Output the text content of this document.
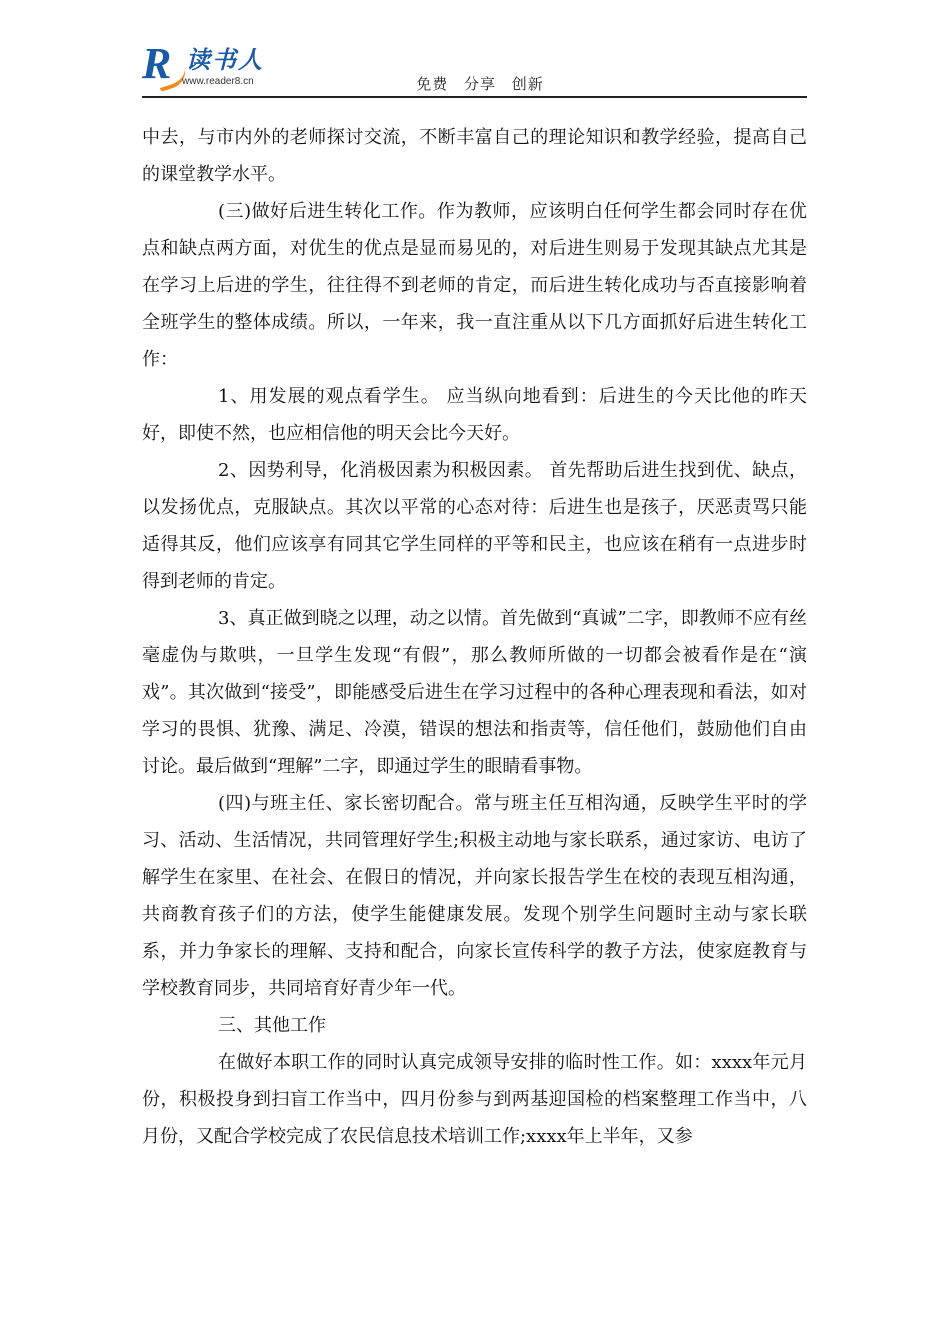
R 读书人
www.reader8.cn	免费 分享 创新

中去，与市内外的老师探讨交流，不断丰富自己的理论知识和教学经验，提高自己的课堂教学水平。

(三)做好后进生转化工作。作为教师，应该明白任何学生都会同时存在优点和缺点两方面，对优生的优点是显而易见的，对后进生则易于发现其缺点尤其是在学习上后进的学生，往往得不到老师的肯定，而后进生转化成功与否直接影响着全班学生的整体成绩。所以，一年来，我一直注重从以下几方面抓好后进生转化工作：

1、用发展的观点看学生。 应当纵向地看到：后进生的今天比他的昨天好，即使不然，也应相信他的明天会比今天好。

2、因势利导，化消极因素为积极因素。 首先帮助后进生找到优、缺点，以发扬优点，克服缺点。其次以平常的心态对待：后进生也是孩子，厌恶责骂只能适得其反，他们应该享有同其它学生同样的平等和民主，也应该在稍有一点进步时得到老师的肯定。

3、真正做到晓之以理，动之以情。首先做到“真诚”二字，即教师不应有丝毫虚伪与欺哄，一旦学生发现“有假”，那么教师所做的一切都会被看作是在“演戏”。其次做到“接受”，即能感受后进生在学习过程中的各种心理表现和看法，如对学习的畏惧、犹豫、满足、冷漠，错误的想法和指责等，信任他们，鼓励他们自由讨论。最后做到“理解”二字，即通过学生的眼睛看事物。

(四)与班主任、家长密切配合。常与班主任互相沟通，反映学生平时的学习、活动、生活情况，共同管理好学生;积极主动地与家长联系，通过家访、电访了解学生在家里、在社会、在假日的情况，并向家长报告学生在校的表现互相沟通，共商教育孩子们的方法，使学生能健康发展。发现个别学生问题时主动与家长联系，并力争家长的理解、支持和配合，向家长宣传科学的教子方法，使家庭教育与学校教育同步，共同培育好青少年一代。

三、其他工作

在做好本职工作的同时认真完成领导安排的临时性工作。如：xxxx年元月份，积极投身到扫盲工作当中，四月份参与到两基迎国检的档案整理工作当中，八月份，又配合学校完成了农民信息技术培训工作;xxxx年上半年，又参
